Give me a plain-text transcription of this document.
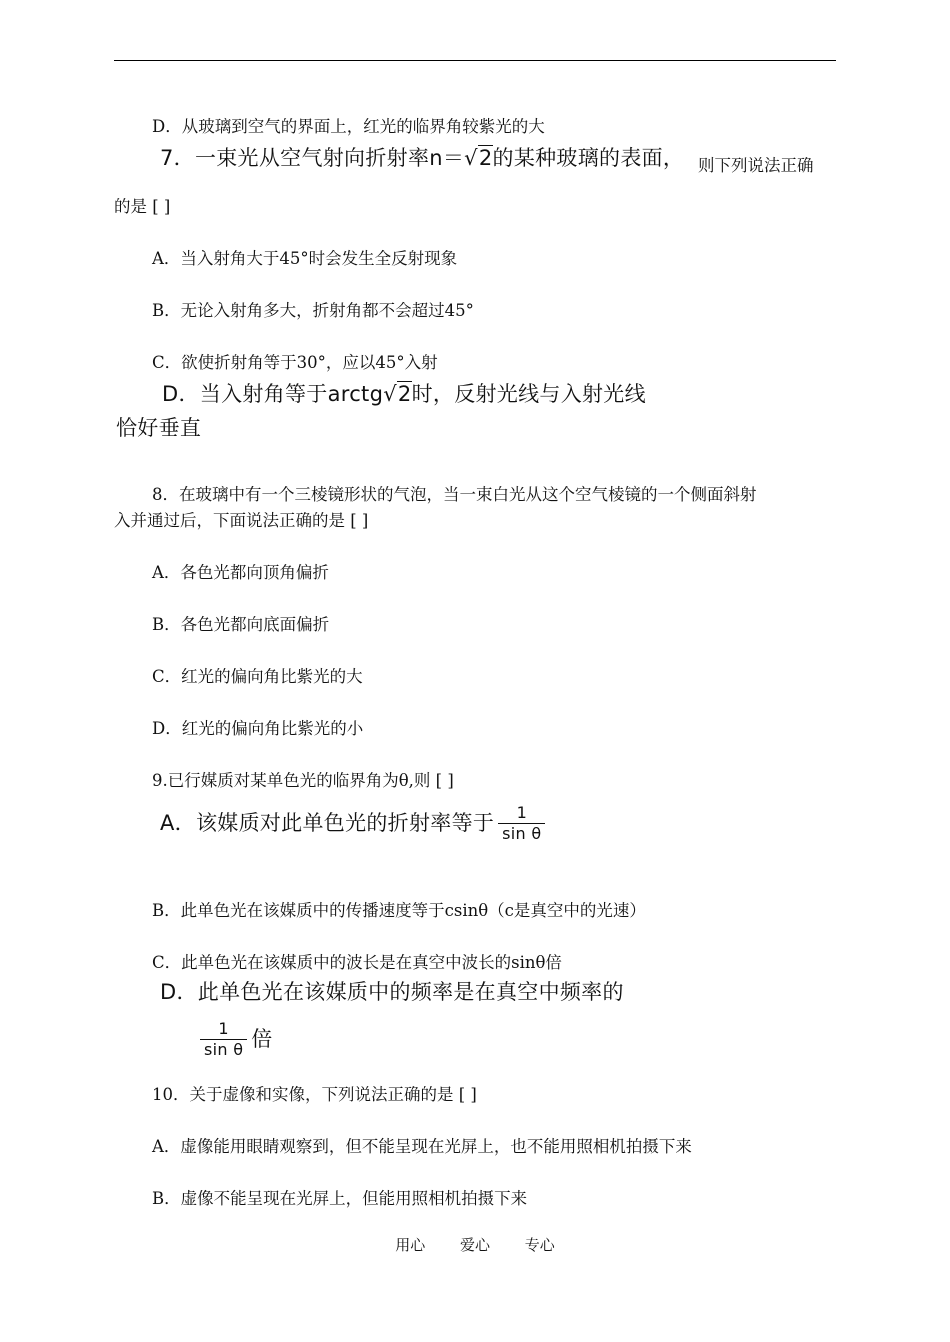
D．从玻璃到空气的界面上，红光的临界角较紫光的大
7．一束光从空气射向折射率n＝√2的某种玻璃的表面， 则下列说法正确
的是 [ ]
A．当入射角大于45°时会发生全反射现象
B．无论入射角多大，折射角都不会超过45°
C．欲使折射角等于30°，应以45°入射
D．当入射角等于arctg√2时，反射光线与入射光线
恰好垂直
8．在玻璃中有一个三棱镜形状的气泡，当一束白光从这个空气棱镜的一个侧面斜射
入并通过后，下面说法正确的是 [ ]
A．各色光都向顶角偏折
B．各色光都向底面偏折
C．红光的偏向角比紫光的大
D．红光的偏向角比紫光的小
9.已行媒质对某单色光的临界角为θ,则 [ ]
A．该媒质对此单色光的折射率等于 $\frac{1}{\text{sin θ}}$
B．此单色光在该媒质中的传播速度等于csinθ（c是真空中的光速）
C．此单色光在该媒质中的波长是在真空中波长的sinθ倍
D．此单色光在该媒质中的频率是在真空中频率的
$\frac{1}{\text{sin θ}}$ 倍
10．关于虚像和实像，下列说法正确的是 [ ]
A．虚像能用眼睛观察到，但不能呈现在光屏上，也不能用照相机拍摄下来
B．虚像不能呈现在光屏上，但能用照相机拍摄下来
用心 爱心 专心
